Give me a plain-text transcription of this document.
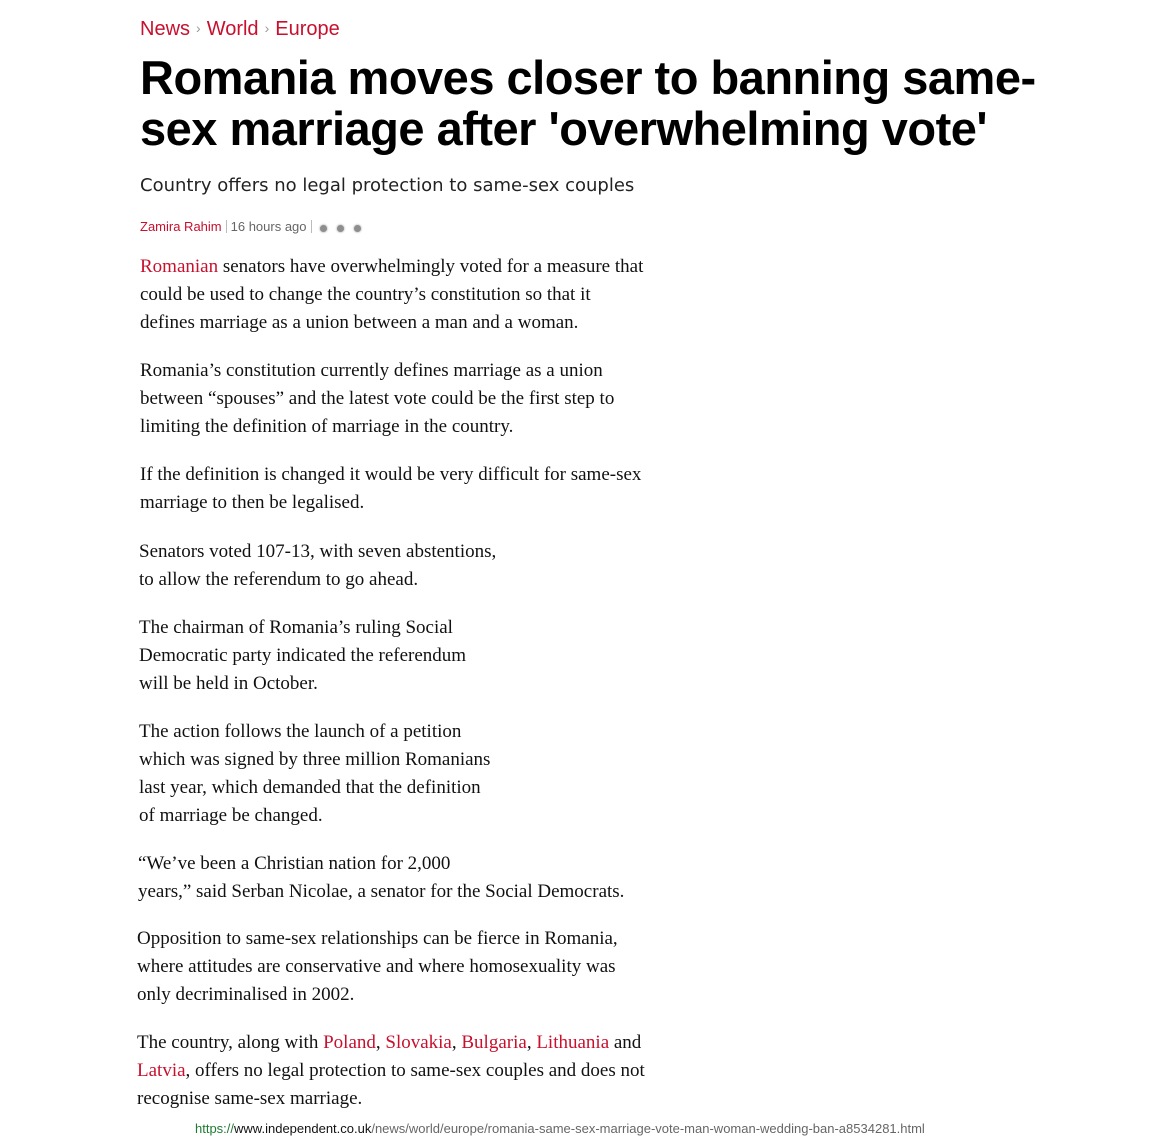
News › World › Europe
Romania moves closer to banning same-
sex marriage after 'overwhelming vote'

Country offers no legal protection to same-sex couples

Zamira Rahim 16 hours ago

Romanian senators have overwhelmingly voted for a measure that
could be used to change the country’s constitution so that it
defines marriage as a union between a man and a woman.

Romania’s constitution currently defines marriage as a union
between “spouses” and the latest vote could be the first step to
limiting the definition of marriage in the country.

If the definition is changed it would be very difficult for same-sex
marriage to then be legalised.

Senators voted 107-13, with seven abstentions,
to allow the referendum to go ahead.

The chairman of Romania’s ruling Social
Democratic party indicated the referendum
will be held in October.

The action follows the launch of a petition
which was signed by three million Romanians
last year, which demanded that the definition
of marriage be changed.

“We’ve been a Christian nation for 2,000
years,” said Serban Nicolae, a senator for the Social Democrats.

Opposition to same-sex relationships can be fierce in Romania,
where attitudes are conservative and where homosexuality was
only decriminalised in 2002.

The country, along with Poland, Slovakia, Bulgaria, Lithuania and
Latvia, offers no legal protection to same-sex couples and does not
recognise same-sex marriage.

https://www.independent.co.uk/news/world/europe/romania-same-sex-marriage-vote-man-woman-wedding-ban-a8534281.html
